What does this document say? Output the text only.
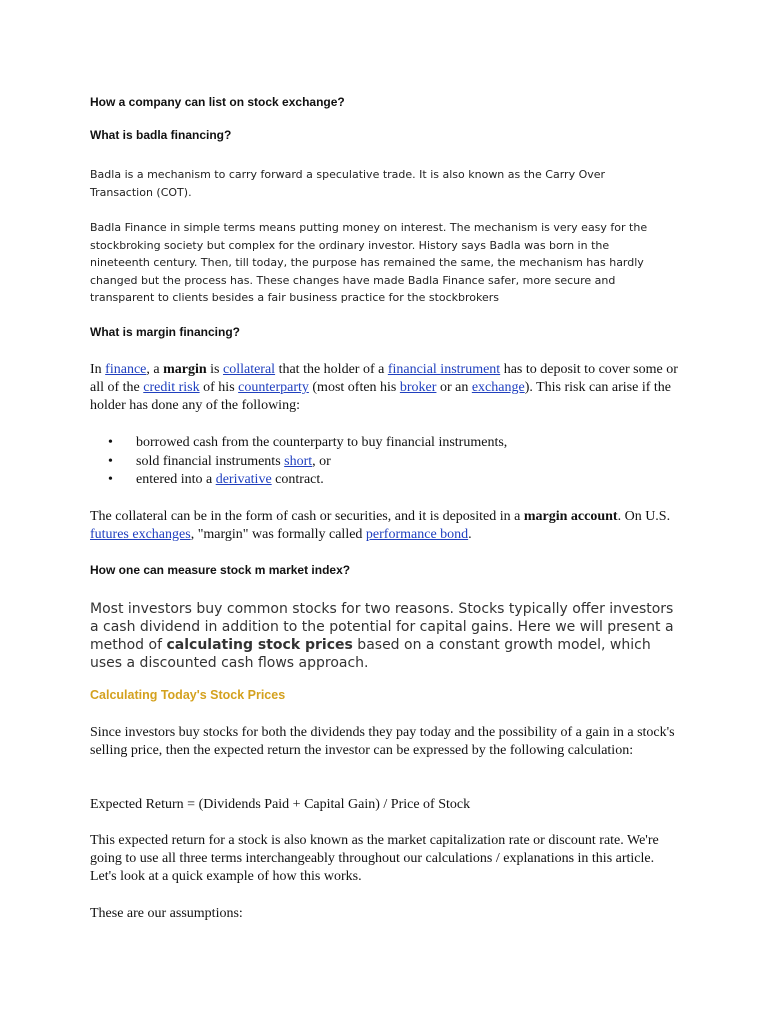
How a company can list on stock exchange?

What is badla financing?

Badla is a mechanism to carry forward a speculative trade. It is also known as the Carry Over Transaction (COT).

Badla Finance in simple terms means putting money on interest. The mechanism is very easy for the stockbroking society but complex for the ordinary investor. History says Badla was born in the nineteenth century. Then, till today, the purpose has remained the same, the mechanism has hardly changed but the process has. These changes have made Badla Finance safer, more secure and transparent to clients besides a fair business practice for the stockbrokers

What is margin financing?

In finance, a margin is collateral that the holder of a financial instrument has to deposit to cover some or all of the credit risk of his counterparty (most often his broker or an exchange). This risk can arise if the holder has done any of the following:

• borrowed cash from the counterparty to buy financial instruments,
• sold financial instruments short, or
• entered into a derivative contract.

The collateral can be in the form of cash or securities, and it is deposited in a margin account. On U.S. futures exchanges, "margin" was formally called performance bond.

How one can measure stock m market index?

Most investors buy common stocks for two reasons. Stocks typically offer investors a cash dividend in addition to the potential for capital gains. Here we will present a method of calculating stock prices based on a constant growth model, which uses a discounted cash flows approach.

Calculating Today's Stock Prices

Since investors buy stocks for both the dividends they pay today and the possibility of a gain in a stock's selling price, then the expected return the investor can be expressed by the following calculation:

Expected Return = (Dividends Paid + Capital Gain) / Price of Stock

This expected return for a stock is also known as the market capitalization rate or discount rate. We're going to use all three terms interchangeably throughout our calculations / explanations in this article. Let's look at a quick example of how this works.

These are our assumptions:
